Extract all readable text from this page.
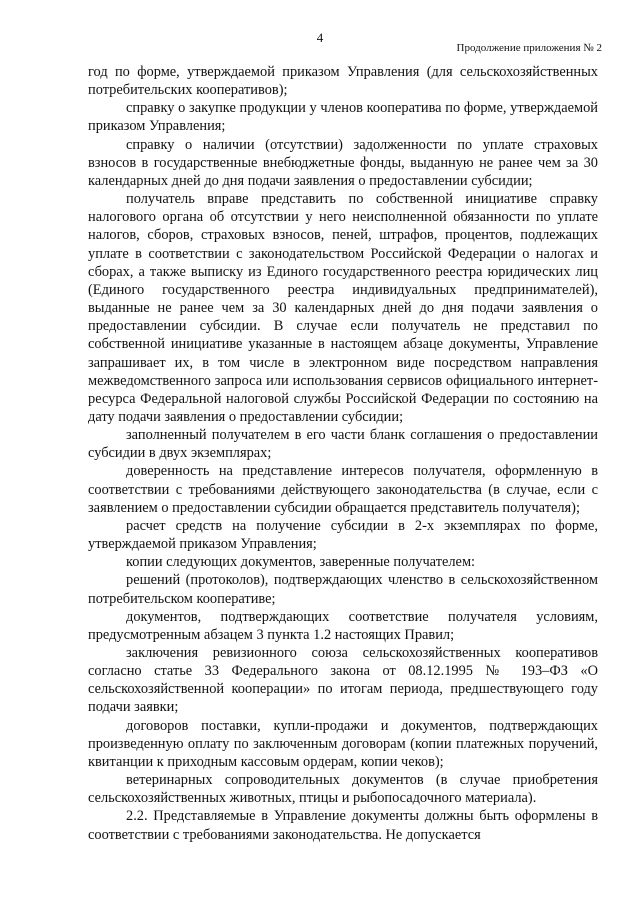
4
Продолжение приложения № 2

год по форме, утверждаемой приказом Управления (для сельскохозяйственных потребительских кооперативов);

справку о закупке продукции у членов кооператива по форме, утверждаемой приказом Управления;

справку о наличии (отсутствии) задолженности по уплате страховых взносов в государственные внебюджетные фонды, выданную не ранее чем за 30 календарных дней до дня подачи заявления о предоставлении субсидии;

получатель вправе представить по собственной инициативе справку налогового органа об отсутствии у него неисполненной обязанности по уплате налогов, сборов, страховых взносов, пеней, штрафов, процентов, подлежащих уплате в соответствии с законодательством Российской Федерации о налогах и сборах, а также выписку из Единого государственного реестра юридических лиц (Единого государственного реестра индивидуальных предпринимателей), выданные не ранее чем за 30 календарных дней до дня подачи заявления о предоставлении субсидии. В случае если получатель не представил по собственной инициативе указанные в настоящем абзаце документы, Управление запрашивает их, в том числе в электронном виде посредством направления межведомственного запроса или использования сервисов официального интернет-ресурса Федеральной налоговой службы Российской Федерации по состоянию на дату подачи заявления о предоставлении субсидии;

заполненный получателем в его части бланк соглашения о предоставлении субсидии в двух экземплярах;

доверенность на представление интересов получателя, оформленную в соответствии с требованиями действующего законодательства (в случае, если с заявлением о предоставлении субсидии обращается представитель получателя);

расчет средств на получение субсидии в 2-х экземплярах по форме, утверждаемой приказом Управления;

копии следующих документов, заверенные получателем:

решений (протоколов), подтверждающих членство в сельскохозяйственном потребительском кооперативе;

документов, подтверждающих соответствие получателя условиям, предусмотренным абзацем 3 пункта 1.2 настоящих Правил;

заключения ревизионного союза сельскохозяйственных кооперативов согласно статье 33 Федерального закона от 08.12.1995 № 193–ФЗ «О сельскохозяйственной кооперации» по итогам периода, предшествующего году подачи заявки;

договоров поставки, купли-продажи и документов, подтверждающих произведенную оплату по заключенным договорам (копии платежных поручений, квитанции к приходным кассовым ордерам, копии чеков);

ветеринарных сопроводительных документов (в случае приобретения сельскохозяйственных животных, птицы и рыбопосадочного материала).

2.2. Представляемые в Управление документы должны быть оформлены в соответствии с требованиями законодательства. Не допускается
